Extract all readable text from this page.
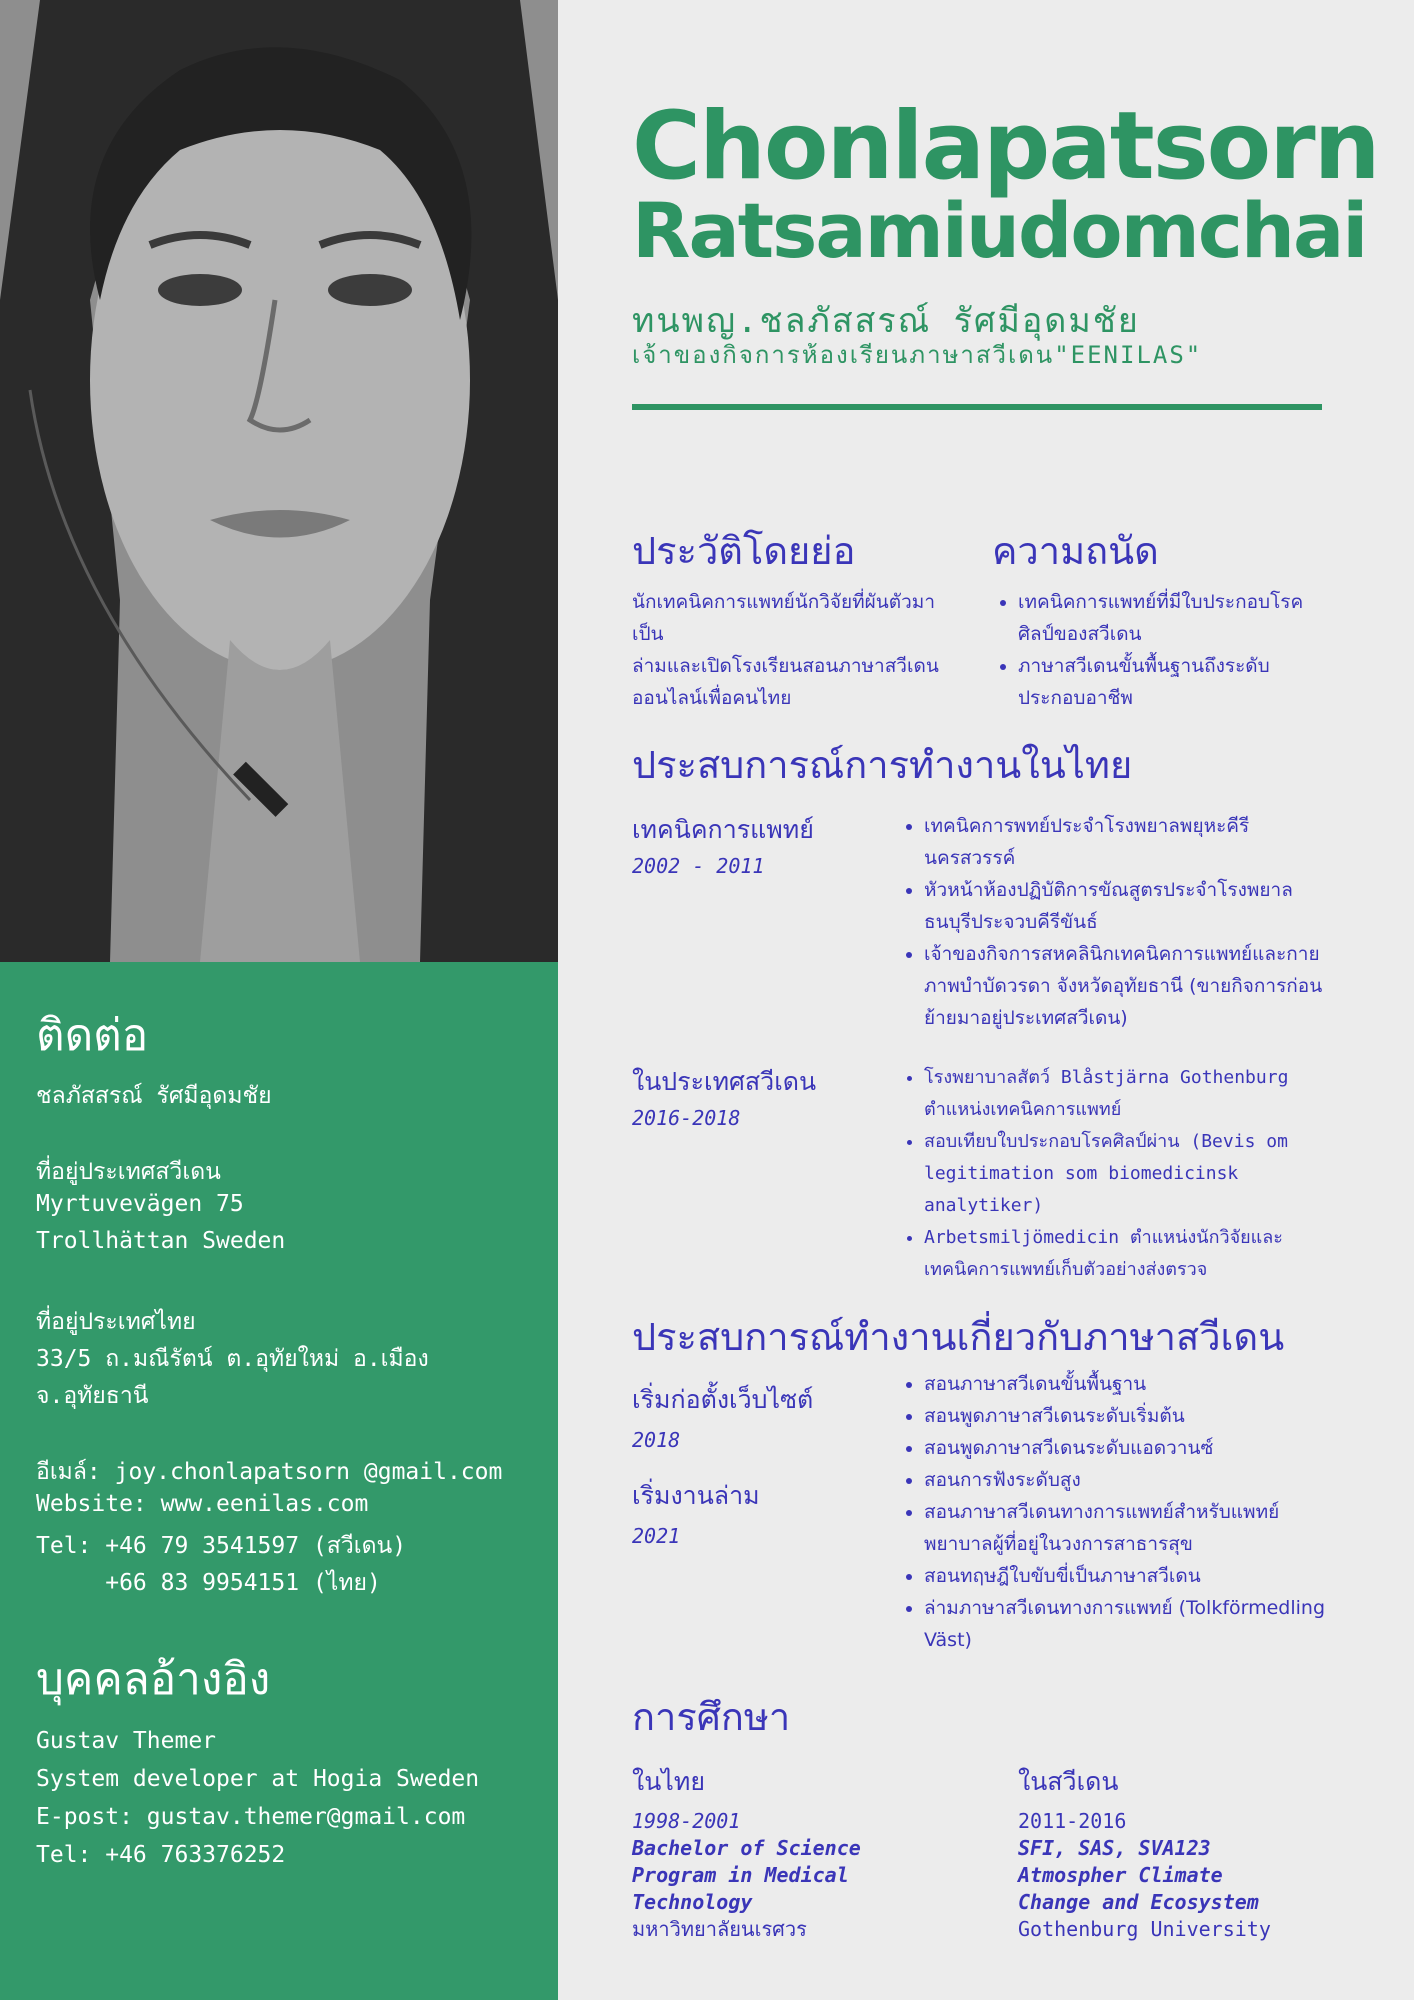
ติดต่อ
ชลภัสสรณ์ รัศมีอุดมชัย
ที่อยู่ประเทศสวีเดน
Myrtuvevägen 75
Trollhättan Sweden
ที่อยู่ประเทศไทย
33/5 ถ.มณีรัตน์ ต.อุทัยใหม่ อ.เมือง
จ.อุทัยธานี
อีเมล์: joy.chonlapatsorn @gmail.com
Website: www.eenilas.com
Tel: +46 79 3541597 (สวีเดน)
+66 83 9954151 (ไทย)
บุคคลอ้างอิง
Gustav Themer
System developer at Hogia Sweden
E-post: gustav.themer@gmail.com
Tel: +46 763376252
Chonlapatsorn
Ratsamiudomchai
ทนพญ.ชลภัสสรณ์ รัศมีอุดมชัย
เจ้าของกิจการห้องเรียนภาษาสวีเดน"EENILAS"
ประวัติโดยย่อ
นักเทคนิคการแพทย์นักวิจัยที่ผันตัวมาเป็น
ล่ามและเปิดโรงเรียนสอนภาษาสวีเดน
ออนไลน์เพื่อคนไทย
ความถนัด
• เทคนิคการแพทย์ที่มีใบประกอบโรคศิลป์ของสวีเดน
• ภาษาสวีเดนขั้นพื้นฐานถึงระดับประกอบอาชีพ
ประสบการณ์การทำงานในไทย
เทคนิคการแพทย์
2002 - 2011
• เทคนิคการพทย์ประจำโรงพยาลพยุหะคีรีนครสวรรค์
• หัวหน้าห้องปฏิบัติการขัณสูตรประจำโรงพยาลธนบุรีประจวบคีรีขันธ์
• เจ้าของกิจการสหคลินิกเทคนิคการแพทย์และกายภาพบำบัดวรดา จังหวัดอุทัยธานี (ขายกิจการก่อนย้ายมาอยู่ประเทศสวีเดน)
ในประเทศสวีเดน
2016-2018
• โรงพยาบาลสัตว์ Blåstjärna Gothenburg ตำแหน่งเทคนิคการแพทย์
• สอบเทียบใบประกอบโรคศิลป์ผ่าน (Bevis om legitimation som biomedicinsk analytiker)
• Arbetsmiljömedicin ตำแหน่งนักวิจัยและเทคนิคการแพทย์เก็บตัวอย่างส่งตรวจ
ประสบการณ์ทำงานเกี่ยวกับภาษาสวีเดน
เริ่มก่อตั้งเว็บไซต์
2018
เริ่มงานล่าม
2021
• สอนภาษาสวีเดนขั้นพื้นฐาน
• สอนพูดภาษาสวีเดนระดับเริ่มต้น
• สอนพูดภาษาสวีเดนระดับแอดวานซ์
• สอนการฟังระดับสูง
• สอนภาษาสวีเดนทางการแพทย์สำหรับแพทย์พยาบาลผู้ที่อยู่ในวงการสาธารสุข
• สอนทฤษฎีใบขับขี่เป็นภาษาสวีเดน
• ล่ามภาษาสวีเดนทางการแพทย์ (Tolkförmedling Väst)
การศึกษา
ในไทย
1998-2001
Bachelor of Science
Program in Medical
Technology
มหาวิทยาลัยนเรศวร
ในสวีเดน
2011-2016
SFI, SAS, SVA123
Atmospher Climate
Change and Ecosystem
Gothenburg University
